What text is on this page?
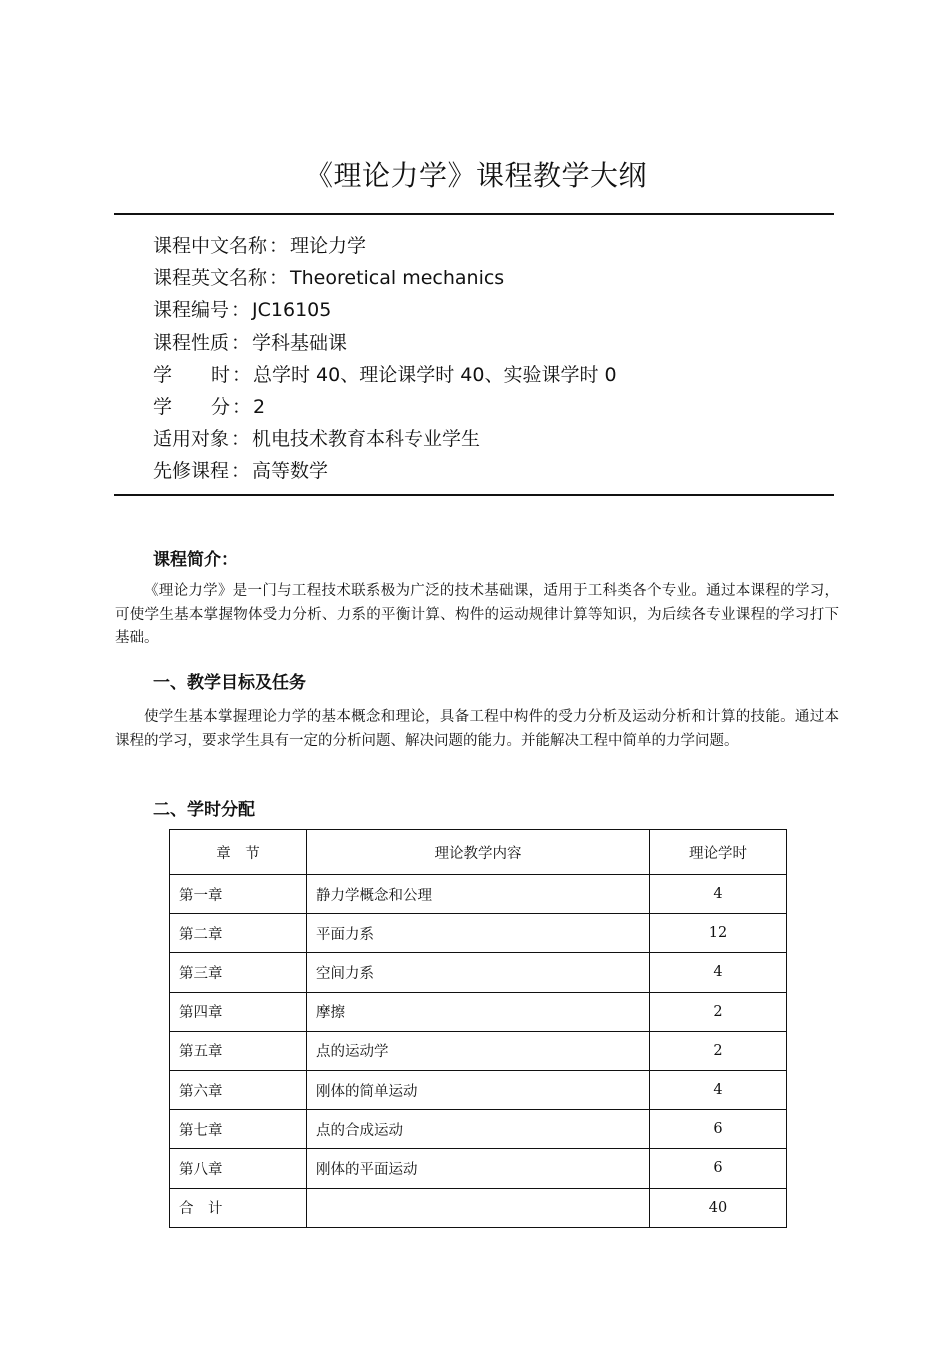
《理论力学》课程教学大纲
课程中文名称 ： 理论力学
课程英文名称 ： Theoretical mechanics
课程编号 ： JC16105
课程性质 ： 学科基础课
学时 ： 总学时 40、理论课学时 40、实验课学时 0
学分 ： 2
适用对象 ： 机电技术教育本科专业学生
先修课程 ： 高等数学
课程简介：
《理论力学》是一门与工程技术联系极为广泛的技术基础课，适用于工科类各个专业。通过本课程的学习，可使学生基本掌握物体受力分析、力系的平衡计算、构件的运动规律计算等知识，为后续各专业课程的学习打下基础。
一、教学目标及任务
使学生基本掌握理论力学的基本概念和理论，具备工程中构件的受力分析及运动分析和计算的技能。通过本课程的学习，要求学生具有一定的分析问题、解决问题的能力。并能解决工程中简单的力学问题。
二、学时分配
章　节	理论教学内容	理论学时
第一章	静力学概念和公理	4
第二章	平面力系	12
第三章	空间力系	4
第四章	摩擦	2
第五章	点的运动学	2
第六章	刚体的简单运动	4
第七章	点的合成运动	6
第八章	刚体的平面运动	6
合　计		40
